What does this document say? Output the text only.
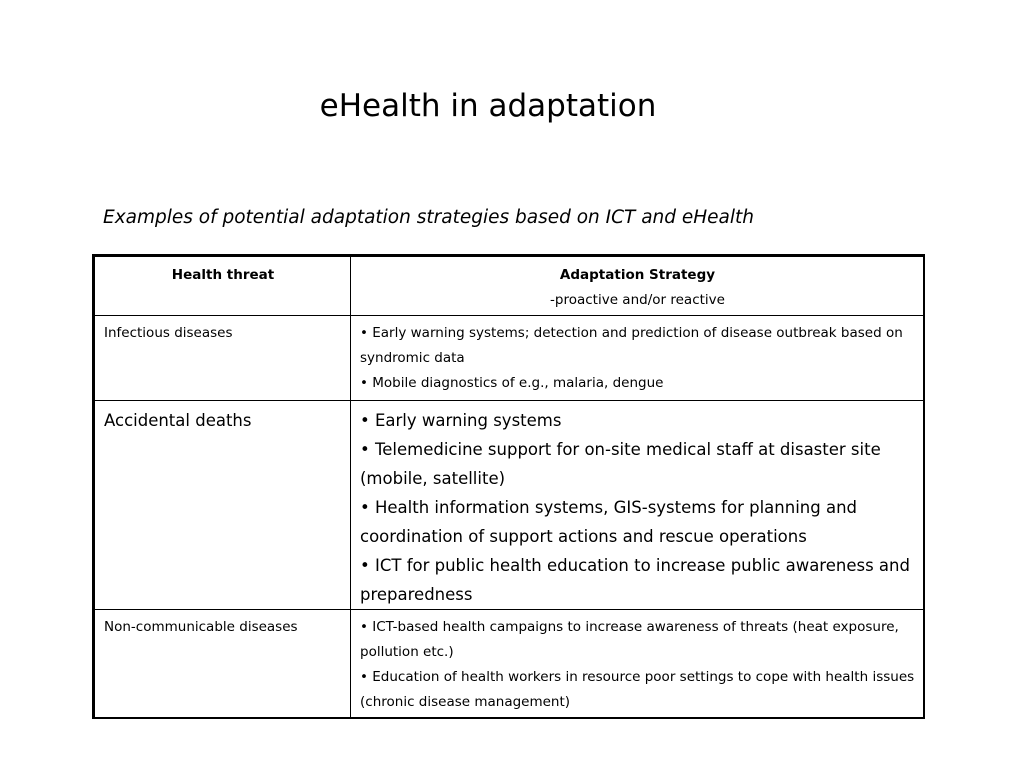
eHealth in adaptation

Examples of potential adaptation strategies based on ICT and eHealth

Health threat	Adaptation Strategy
-proactive and/or reactive

Infectious diseases	• Early warning systems; detection and prediction of disease outbreak based on syndromic data
• Mobile diagnostics of e.g., malaria, dengue

Accidental deaths	• Early warning systems
• Telemedicine support for on-site medical staff at disaster site (mobile, satellite)
• Health information systems, GIS-systems for planning and coordination of support actions and rescue operations
• ICT for public health education to increase public awareness and preparedness

Non-communicable diseases	• ICT-based health campaigns to increase awareness of threats (heat exposure, pollution etc.)
• Education of health workers in resource poor settings to cope with health issues (chronic disease management)
